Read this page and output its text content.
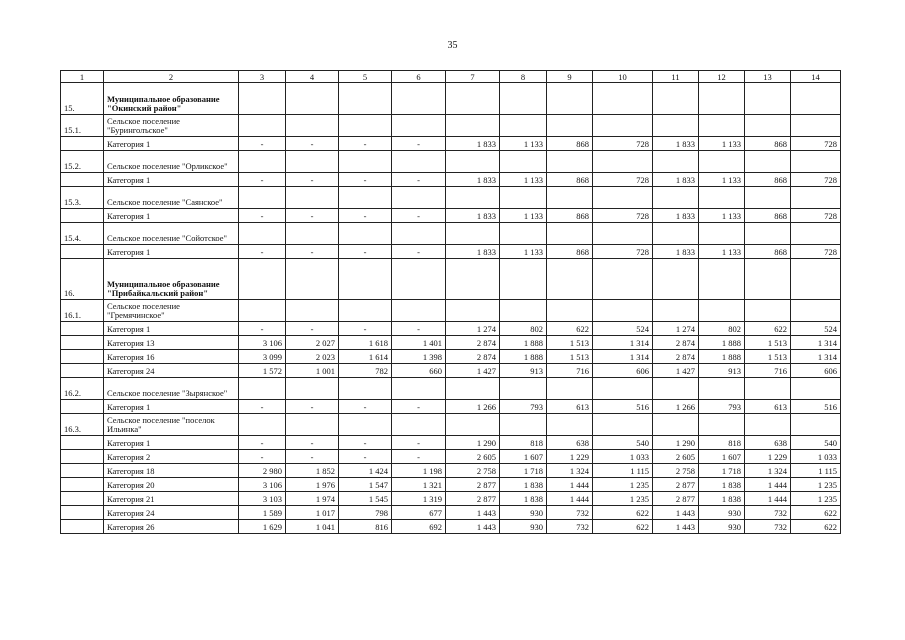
35
1	2	3	4	5	6	7	8	9	10	11	12	13	14
15.	Муниципальное образование "Окинский район"												
15.1.	Сельское поселение "Буринголъское"												
	Категория 1	-	-	-	-	1 833	1 133	868	728	1 833	1 133	868	728
15.2.	Сельское поселение "Орликское"												
	Категория 1	-	-	-	-	1 833	1 133	868	728	1 833	1 133	868	728
15.3.	Сельское поселение "Саянское"												
	Категория 1	-	-	-	-	1 833	1 133	868	728	1 833	1 133	868	728
15.4.	Сельское поселение "Сойотское"												
	Категория 1	-	-	-	-	1 833	1 133	868	728	1 833	1 133	868	728
16.	Муниципальное образование "Прибайкальский район"												
16.1.	Сельское поселение "Гремячинское"												
	Категория 1	-	-	-	-	1 274	802	622	524	1 274	802	622	524
	Категория 13	3 106	2 027	1 618	1 401	2 874	1 888	1 513	1 314	2 874	1 888	1 513	1 314
	Категория 16	3 099	2 023	1 614	1 398	2 874	1 888	1 513	1 314	2 874	1 888	1 513	1 314
	Категория 24	1 572	1 001	782	660	1 427	913	716	606	1 427	913	716	606
16.2.	Сельское поселение "Зырянское"												
	Категория 1	-	-	-	-	1 266	793	613	516	1 266	793	613	516
16.3.	Сельское поселение "поселок Ильинка"												
	Категория 1	-	-	-	-	1 290	818	638	540	1 290	818	638	540
	Категория 2	-	-	-	-	2 605	1 607	1 229	1 033	2 605	1 607	1 229	1 033
	Категория 18	2 980	1 852	1 424	1 198	2 758	1 718	1 324	1 115	2 758	1 718	1 324	1 115
	Категория 20	3 106	1 976	1 547	1 321	2 877	1 838	1 444	1 235	2 877	1 838	1 444	1 235
	Категория 21	3 103	1 974	1 545	1 319	2 877	1 838	1 444	1 235	2 877	1 838	1 444	1 235
	Категория 24	1 589	1 017	798	677	1 443	930	732	622	1 443	930	732	622
	Категория 26	1 629	1 041	816	692	1 443	930	732	622	1 443	930	732	622
